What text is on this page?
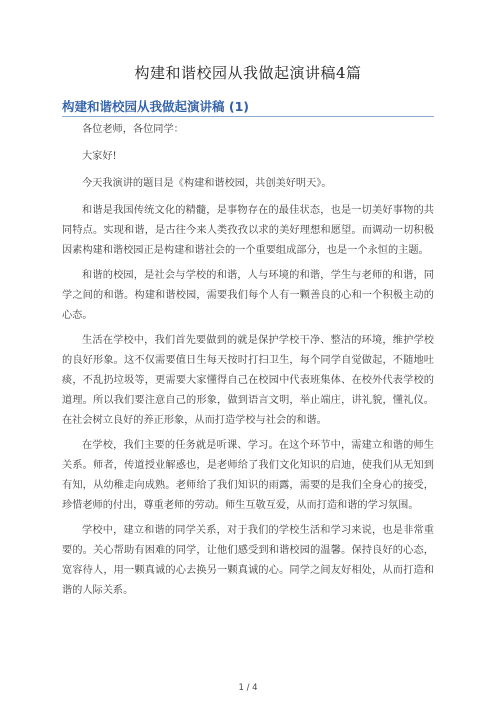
构建和谐校园从我做起演讲稿4篇
构建和谐校园从我做起演讲稿 (1)

各位老师，各位同学：

大家好!

今天我演讲的题目是《构建和谐校园，共创美好明天》。

和谐是我国传统文化的精髓，是事物存在的最佳状态，也是一切美好事物的共同特点。实现和谐，是古往今来人类孜孜以求的美好理想和愿望。而调动一切积极因素构建和谐校园正是构建和谐社会的一个重要组成部分，也是一个永恒的主题。

和谐的校园，是社会与学校的和谐，人与环境的和谐，学生与老师的和谐，同学之间的和谐。构建和谐校园，需要我们每个人有一颗善良的心和一个积极主动的心态。

生活在学校中，我们首先要做到的就是保护学校干净、整洁的环境，维护学校的良好形象。这不仅需要值日生每天按时打扫卫生，每个同学自觉做起，不随地吐痰，不乱扔垃圾等，更需要大家懂得自己在校园中代表班集体、在校外代表学校的道理。所以我们要注意自己的形象，做到语言文明，举止端庄，讲礼貌，懂礼仪。在社会树立良好的养正形象，从而打造学校与社会的和谐。

在学校，我们主要的任务就是听课、学习。在这个环节中，需建立和谐的师生关系。师者，传道授业解惑也，是老师给了我们文化知识的启迪，使我们从无知到有知，从幼稚走向成熟。老师给了我们知识的雨露，需要的是我们全身心的接受，珍惜老师的付出，尊重老师的劳动。师生互敬互爱，从而打造和谐的学习氛围。

学校中，建立和谐的同学关系，对于我们的学校生活和学习来说，也是非常重要的。关心帮助有困难的同学，让他们感受到和谐校园的温馨。保持良好的心态，宽容待人，用一颗真诚的心去换另一颗真诚的心。同学之间友好相处，从而打造和谐的人际关系。

1 / 4
